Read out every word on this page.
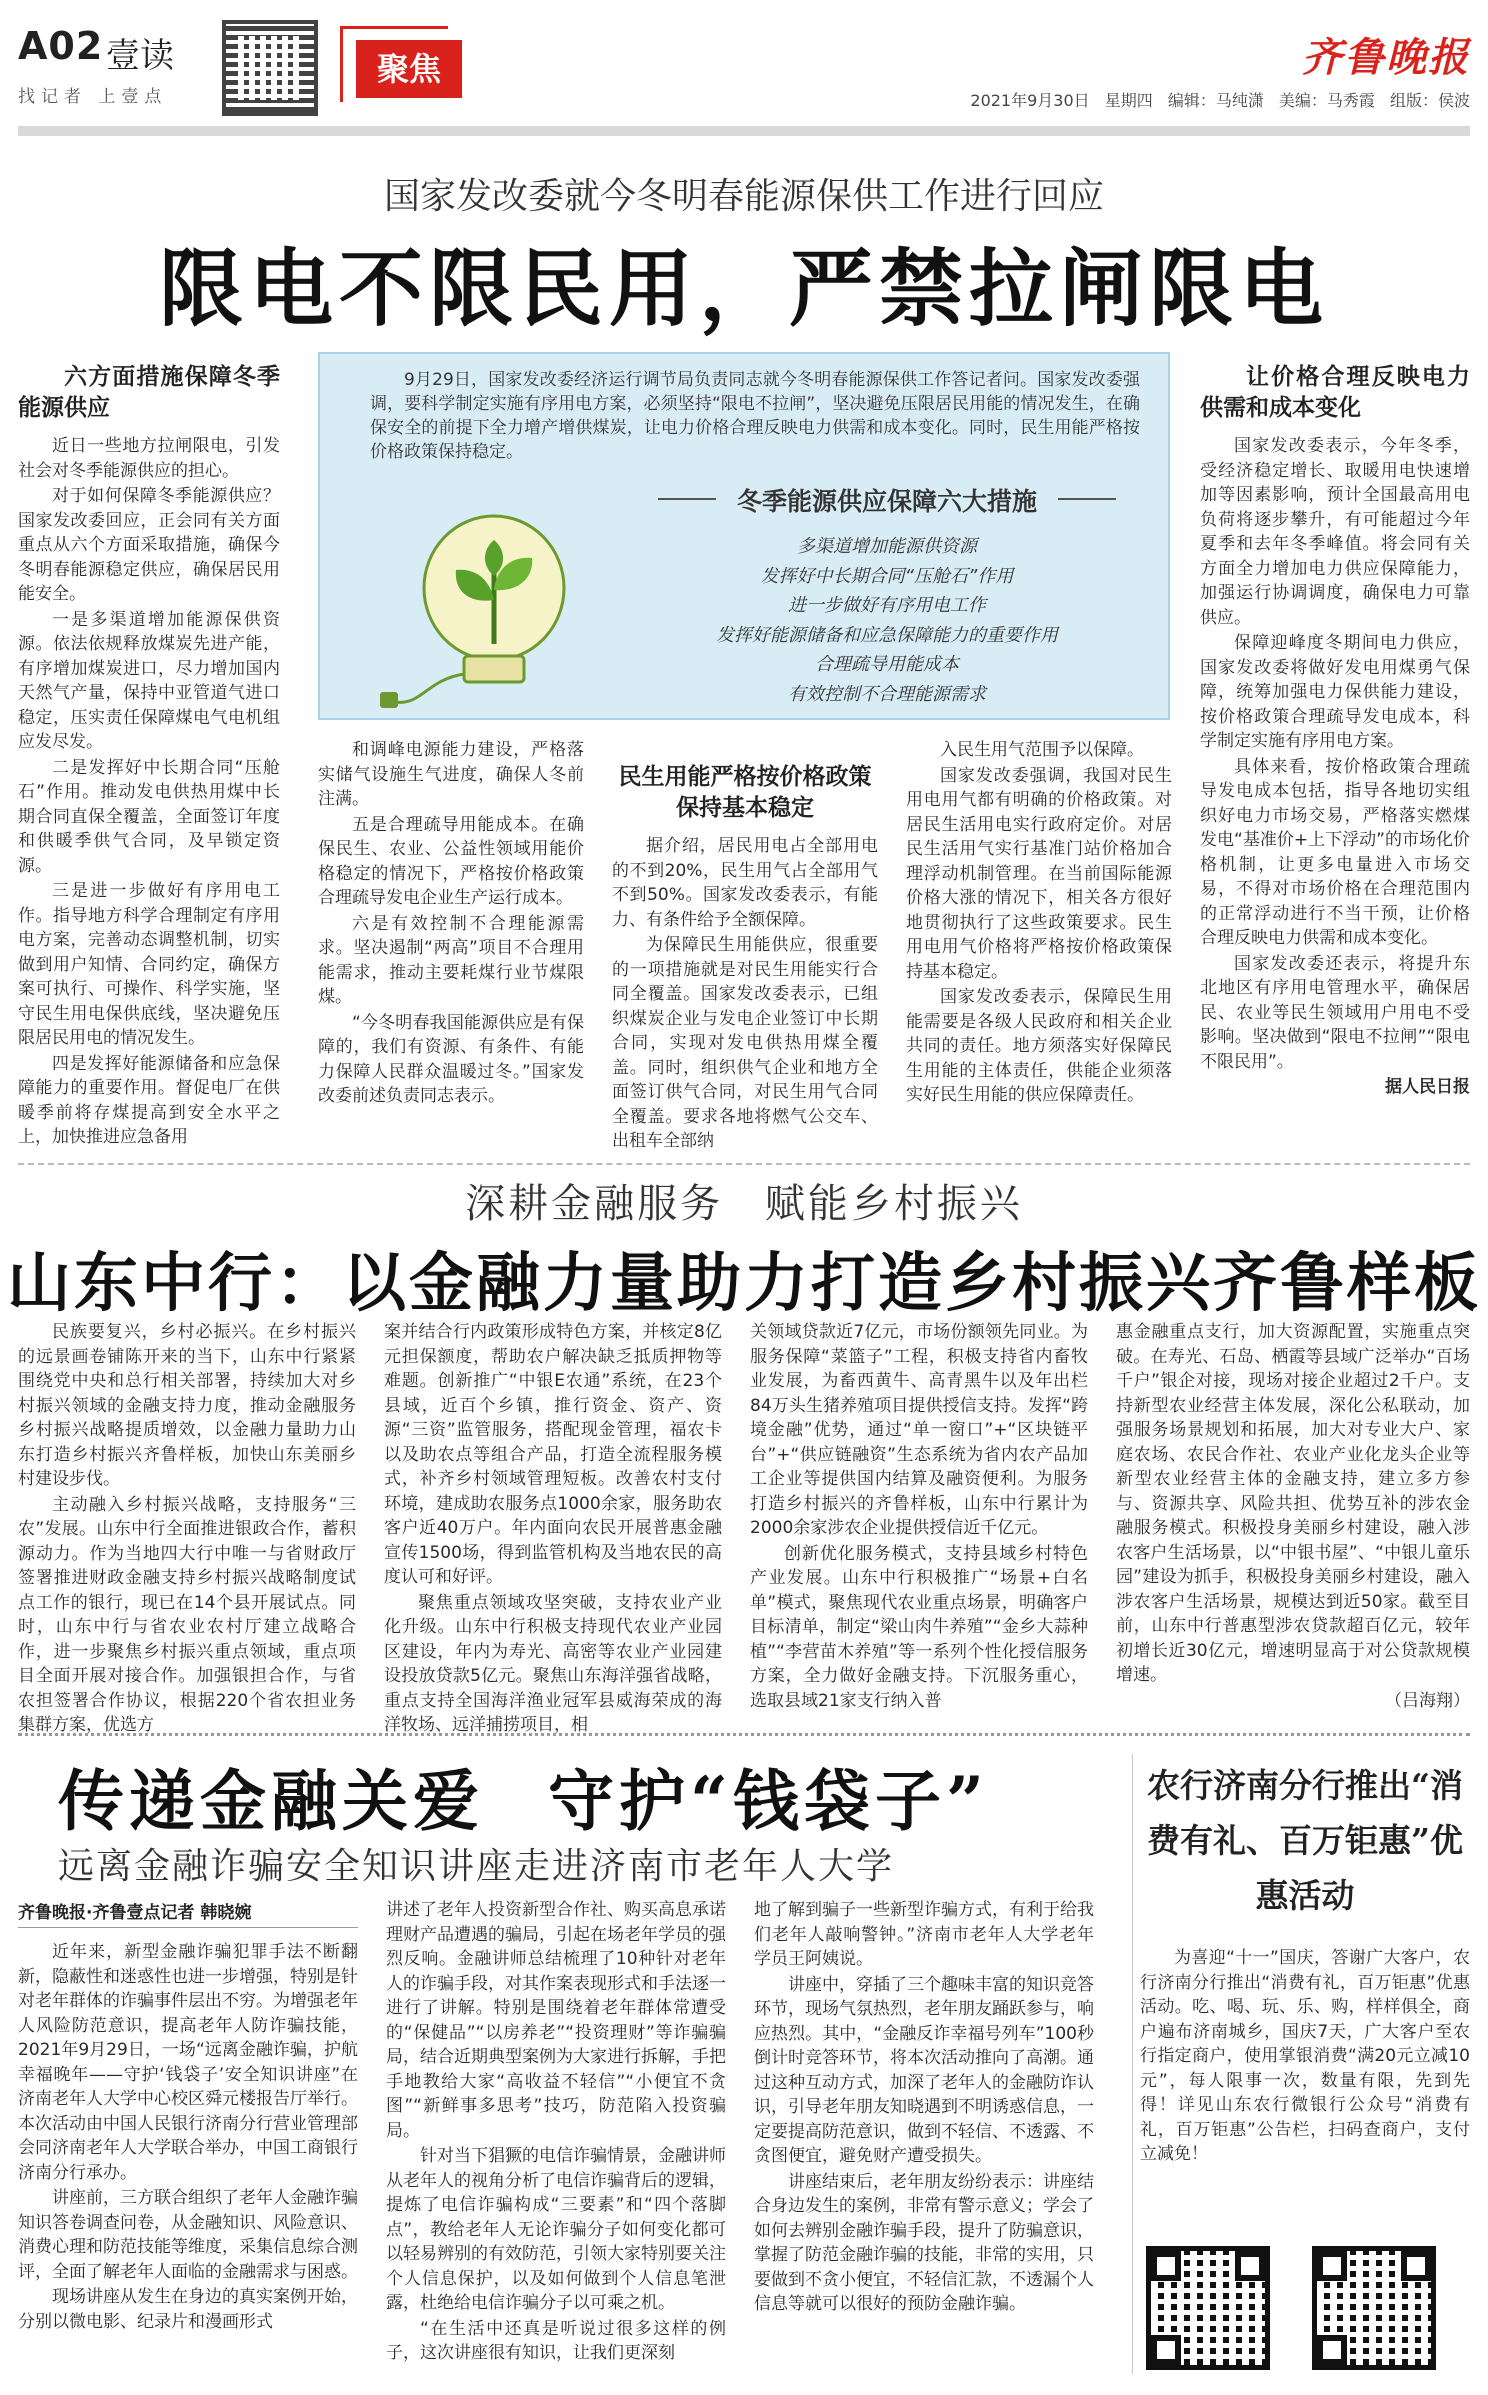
A02 壹读
找记者 上壹点
聚焦	齐鲁晚报
2021年9月30日 星期四 编辑：马纯潇 美编：马秀霞 组版：侯波
国家发改委就今冬明春能源保供工作进行回应
限电不限民用，严禁拉闸限电
六方面措施保障冬季能源供应

近日一些地方拉闸限电，引发社会对冬季能源供应的担心。

对于如何保障冬季能源供应？国家发改委回应，正会同有关方面重点从六个方面采取措施，确保今冬明春能源稳定供应，确保居民用能安全。

一是多渠道增加能源保供资源。依法依规释放煤炭先进产能，有序增加煤炭进口，尽力增加国内天然气产量，保持中亚管道气进口稳定，压实责任保障煤电气电机组应发尽发。

二是发挥好中长期合同“压舱石”作用。推动发电供热用煤中长期合同直保全覆盖，全面签订年度和供暖季供气合同，及早锁定资源。

三是进一步做好有序用电工作。指导地方科学合理制定有序用电方案，完善动态调整机制，切实做到用户知情、合同约定，确保方案可执行、可操作、科学实施，坚守民生用电保供底线，坚决避免压限居民用电的情况发生。

四是发挥好能源储备和应急保障能力的重要作用。督促电厂在供暖季前将存煤提高到安全水平之上，加快推进应急备用

9月29日，国家发改委经济运行调节局负责同志就今冬明春能源保供工作答记者问。国家发改委强调，要科学制定实施有序用电方案，必须坚持“限电不拉闸”，坚决避免压限居民用能的情况发生，在确保安全的前提下全力增产增供煤炭，让电力价格合理反映电力供需和成本变化。同时，民生用能严格按价格政策保持稳定。
冬季能源供应保障六大措施
多渠道增加能源供资源
发挥好中长期合同“压舱石”作用
进一步做好有序用电工作
发挥好能源储备和应急保障能力的重要作用
合理疏导用能成本
有效控制不合理能源需求

和调峰电源能力建设，严格落实储气设施生气进度，确保人冬前注满。

五是合理疏导用能成本。在确保民生、农业、公益性领域用能价格稳定的情况下，严格按价格政策合理疏导发电企业生产运行成本。

六是有效控制不合理能源需求。坚决遏制“两高”项目不合理用能需求，推动主要耗煤行业节煤限煤。

“今冬明春我国能源供应是有保障的，我们有资源、有条件、有能力保障人民群众温暖过冬。”国家发改委前述负责同志表示。

民生用能严格按价格政策保持基本稳定

据介绍，居民用电占全部用电的不到20%，民生用气占全部用气不到50%。国家发改委表示，有能力、有条件给予全额保障。

为保障民生用能供应，很重要的一项措施就是对民生用能实行合同全覆盖。国家发改委表示，已组织煤炭企业与发电企业签订中长期合同，实现对发电供热用煤全覆盖。同时，组织供气企业和地方全面签订供气合同，对民生用气合同全覆盖。要求各地将燃气公交车、出租车全部纳

入民生用气范围予以保障。

国家发改委强调，我国对民生用电用气都有明确的价格政策。对居民生活用电实行政府定价。对居民生活用气实行基准门站价格加合理浮动机制管理。在当前国际能源价格大涨的情况下，相关各方很好地贯彻执行了这些政策要求。民生用电用气价格将严格按价格政策保持基本稳定。

国家发改委表示，保障民生用能需要是各级人民政府和相关企业共同的责任。地方须落实好保障民生用能的主体责任，供能企业须落实好民生用能的供应保障责任。

让价格合理反映电力供需和成本变化

国家发改委表示，今年冬季，受经济稳定增长、取暖用电快速增加等因素影响，预计全国最高用电负荷将逐步攀升，有可能超过今年夏季和去年冬季峰值。将会同有关方面全力增加电力供应保障能力，加强运行协调调度，确保电力可靠供应。

保障迎峰度冬期间电力供应，国家发改委将做好发电用煤勇气保障，统筹加强电力保供能力建设，按价格政策合理疏导发电成本，科学制定实施有序用电方案。

具体来看，按价格政策合理疏导发电成本包括，指导各地切实组织好电力市场交易，严格落实燃煤发电“基准价+上下浮动”的市场化价格机制，让更多电量进入市场交易，不得对市场价格在合理范围内的正常浮动进行不当干预，让价格合理反映电力供需和成本变化。

国家发改委还表示，将提升东北地区有序用电管理水平，确保居民、农业等民生领域用户用电不受影响。坚决做到“限电不拉闸”“限电不限民用”。

据人民日报

深耕金融服务 赋能乡村振兴
山东中行：以金融力量助力打造乡村振兴齐鲁样板

民族要复兴，乡村必振兴。在乡村振兴的远景画卷铺陈开来的当下，山东中行紧紧围绕党中央和总行相关部署，持续加大对乡村振兴领域的金融支持力度，推动金融服务乡村振兴战略提质增效，以金融力量助力山东打造乡村振兴齐鲁样板，加快山东美丽乡村建设步伐。

主动融入乡村振兴战略，支持服务“三农”发展。山东中行全面推进银政合作，蓄积源动力。作为当地四大行中唯一与省财政厅签署推进财政金融支持乡村振兴战略制度试点工作的银行，现已在14个县开展试点。同时，山东中行与省农业农村厅建立战略合作，进一步聚焦乡村振兴重点领域，重点项目全面开展对接合作。加强银担合作，与省农担签署合作协议，根据220个省农担业务集群方案，优选方

案并结合行内政策形成特色方案，并核定8亿元担保额度，帮助农户解决缺乏抵质押物等难题。创新推广“中银E农通”系统，在23个县域，近百个乡镇，推行资金、资产、资源“三资”监管服务，搭配现金管理，福农卡以及助农点等组合产品，打造全流程服务模式，补齐乡村领域管理短板。改善农村支付环境，建成助农服务点1000余家，服务助农客户近40万户。年内面向农民开展普惠金融宣传1500场，得到监管机构及当地农民的高度认可和好评。

聚焦重点领域攻坚突破，支持农业产业化升级。山东中行积极支持现代农业产业园区建设，年内为寿光、高密等农业产业园建设投放贷款5亿元。聚焦山东海洋强省战略，重点支持全国海洋渔业冠军县威海荣成的海洋牧场、远洋捕捞项目，相

关领域贷款近7亿元，市场份额领先同业。为服务保障“菜篮子”工程，积极支持省内畜牧业发展，为畜西黄牛、高青黑牛以及年出栏84万头生猪养殖项目提供授信支持。发挥“跨境金融”优势，通过“单一窗口”+“区块链平台”+“供应链融资”生态系统为省内农产品加工企业等提供国内结算及融资便利。为服务打造乡村振兴的齐鲁样板，山东中行累计为2000余家涉农企业提供授信近千亿元。

创新优化服务模式，支持县域乡村特色产业发展。山东中行积极推广“场景+白名单”模式，聚焦现代农业重点场景，明确客户目标清单，制定“梁山肉牛养殖”“金乡大蒜种植”“李营苗木养殖”等一系列个性化授信服务方案，全力做好金融支持。下沉服务重心，选取县域21家支行纳入普

惠金融重点支行，加大资源配置，实施重点突破。在寿光、石岛、栖霞等县域广泛举办“百场千户”银企对接，现场对接企业超过2千户。支持新型农业经营主体发展，深化公私联动，加强服务场景规划和拓展，加大对专业大户、家庭农场、农民合作社、农业产业化龙头企业等新型农业经营主体的金融支持，建立多方参与、资源共享、风险共担、优势互补的涉农金融服务模式。积极投身美丽乡村建设，融入涉农客户生活场景，以“中银书屋”、“中银儿童乐园”建设为抓手，积极投身美丽乡村建设，融入涉农客户生活场景，规模达到近50家。截至目前，山东中行普惠型涉农贷款超百亿元，较年初增长近30亿元，增速明显高于对公贷款规模增速。

（吕海翔）

传递金融关爱 守护“钱袋子”
远离金融诈骗安全知识讲座走进济南市老年人大学
齐鲁晚报·齐鲁壹点记者 韩晓婉

近年来，新型金融诈骗犯罪手法不断翻新，隐蔽性和迷惑性也进一步增强，特别是针对老年群体的诈骗事件层出不穷。为增强老年人风险防范意识，提高老年人防诈骗技能，2021年9月29日，一场“远离金融诈骗，护航幸福晚年——守护‘钱袋子’安全知识讲座”在济南老年人大学中心校区舜元楼报告厅举行。本次活动由中国人民银行济南分行营业管理部会同济南老年人大学联合举办，中国工商银行济南分行承办。

讲座前，三方联合组织了老年人金融诈骗知识答卷调查问卷，从金融知识、风险意识、消费心理和防范技能等维度，采集信息综合测评，全面了解老年人面临的金融需求与困惑。

现场讲座从发生在身边的真实案例开始，分别以微电影、纪录片和漫画形式

讲述了老年人投资新型合作社、购买高息承诺理财产品遭遇的骗局，引起在场老年学员的强烈反响。金融讲师总结梳理了10种针对老年人的诈骗手段，对其作案表现形式和手法逐一进行了讲解。特别是围绕着老年群体常遭受的“保健品”“以房养老”“投资理财”等诈骗骗局，结合近期典型案例为大家进行拆解，手把手地教给大家“高收益不轻信”“小便宜不贪图”“新鲜事多思考”技巧，防范陷入投资骗局。

针对当下猖獗的电信诈骗情景，金融讲师从老年人的视角分析了电信诈骗背后的逻辑，提炼了电信诈骗构成“三要素”和“四个落脚点”，教给老年人无论诈骗分子如何变化都可以轻易辨别的有效防范，引领大家特别要关注个人信息保护，以及如何做到个人信息笔泄露，杜绝给电信诈骗分子以可乘之机。

“在生活中还真是听说过很多这样的例子，这次讲座很有知识，让我们更深刻

地了解到骗子一些新型诈骗方式，有利于给我们老年人敲响警钟。”济南市老年人大学老年学员王阿姨说。

讲座中，穿插了三个趣味丰富的知识竞答环节，现场气氛热烈，老年朋友踊跃参与，响应热烈。其中，“金融反诈幸福号列车”100秒倒计时竞答环节，将本次活动推向了高潮。通过这种互动方式，加深了老年人的金融防诈认识，引导老年朋友知晓遇到不明诱惑信息，一定要提高防范意识，做到不轻信、不透露、不贪图便宜，避免财产遭受损失。

讲座结束后，老年朋友纷纷表示：讲座结合身边发生的案例，非常有警示意义；学会了如何去辨别金融诈骗手段，提升了防骗意识，掌握了防范金融诈骗的技能，非常的实用，只要做到不贪小便宜，不轻信汇款，不透漏个人信息等就可以很好的预防金融诈骗。

农行济南分行推出“消费有礼、百万钜惠”优惠活动

为喜迎“十一”国庆，答谢广大客户，农行济南分行推出“消费有礼，百万钜惠”优惠活动。吃、喝、玩、乐、购，样样俱全，商户遍布济南城乡，国庆7天，广大客户至农行指定商户，使用掌银消费“满20元立减10元”，每人限事一次，数量有限，先到先得！详见山东农行微银行公众号“消费有礼，百万钜惠”公告栏，扫码查商户，支付立减免！
